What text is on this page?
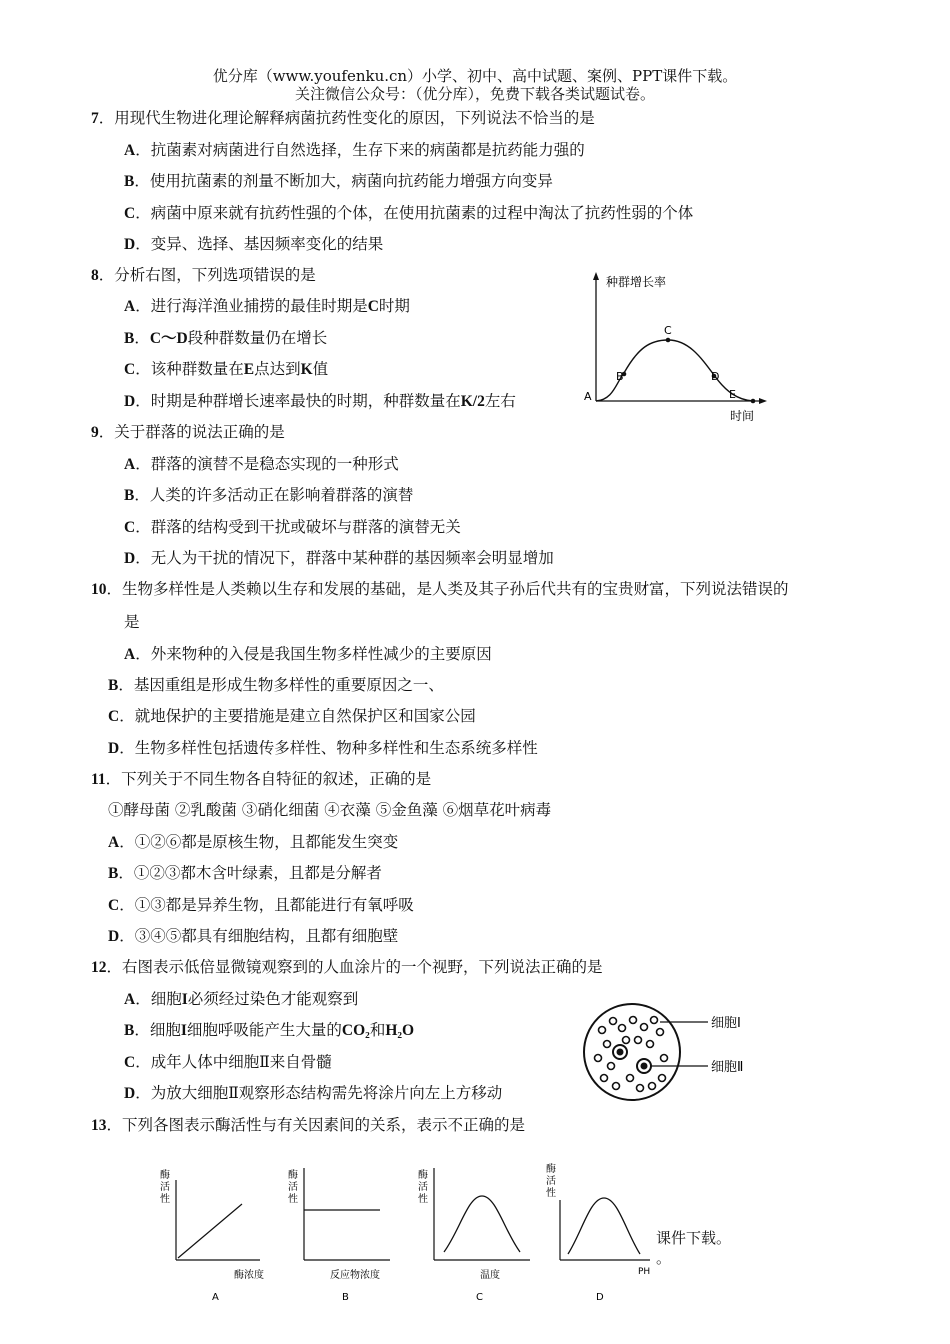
优分库（www.youfenku.cn）小学、初中、高中试题、案例、PPT课件下载。
关注微信公众号：（优分库），免费下载各类试题试卷。
7．用现代生物进化理论解释病菌抗药性变化的原因，下列说法不恰当的是
A．抗菌素对病菌进行自然选择，生存下来的病菌都是抗药能力强的
B．使用抗菌素的剂量不断加大，病菌向抗药能力增强方向变异
C．病菌中原来就有抗药性强的个体，在使用抗菌素的过程中淘汰了抗药性弱的个体
D．变异、选择、基因频率变化的结果
8．分析右图，下列选项错误的是
A．进行海洋渔业捕捞的最佳时期是C时期
B．C～D段种群数量仍在增长
C．该种群数量在E点达到K值
D．时期是种群增长速率最快的时期，种群数量在K/2左右
种群增长率
时间
A
B
C
D
E
9．关于群落的说法正确的是
A．群落的演替不是稳态实现的一种形式
B．人类的许多活动正在影响着群落的演替
C．群落的结构受到干扰或破坏与群落的演替无关
D．无人为干扰的情况下，群落中某种群的基因频率会明显增加
10．生物多样性是人类赖以生存和发展的基础，是人类及其子孙后代共有的宝贵财富，下列说法错误的
是
A．外来物种的入侵是我国生物多样性减少的主要原因
B．基因重组是形成生物多样性的重要原因之一、
C．就地保护的主要措施是建立自然保护区和国家公园
D．生物多样性包括遗传多样性、物种多样性和生态系统多样性
11．下列关于不同生物各自特征的叙述，正确的是
①酵母菌 ②乳酸菌 ③硝化细菌 ④衣藻 ⑤金鱼藻 ⑥烟草花叶病毒
A．①②⑥都是原核生物，且都能发生突变
B．①②③都木含叶绿素，且都是分解者
C．①③都是异养生物，且都能进行有氧呼吸
D．③④⑤都具有细胞结构，且都有细胞壁
12．右图表示低倍显微镜观察到的人血涂片的一个视野，下列说法正确的是
A．细胞I必须经过染色才能观察到
B．细胞I细胞呼吸能产生大量的CO₂和H₂O
C．成年人体中细胞Ⅱ来自骨髓
D．为放大细胞Ⅱ观察形态结构需先将涂片向左上方移动
细胞Ⅰ
细胞Ⅱ
13．下列各图表示酶活性与有关因素间的关系，表示不正确的是
酶
活
性
酶浓度
A
酶
活
性
反应物浓度
B
酶
活
性
温度
C
酶
活
性
PH
D
课件下载。
。
